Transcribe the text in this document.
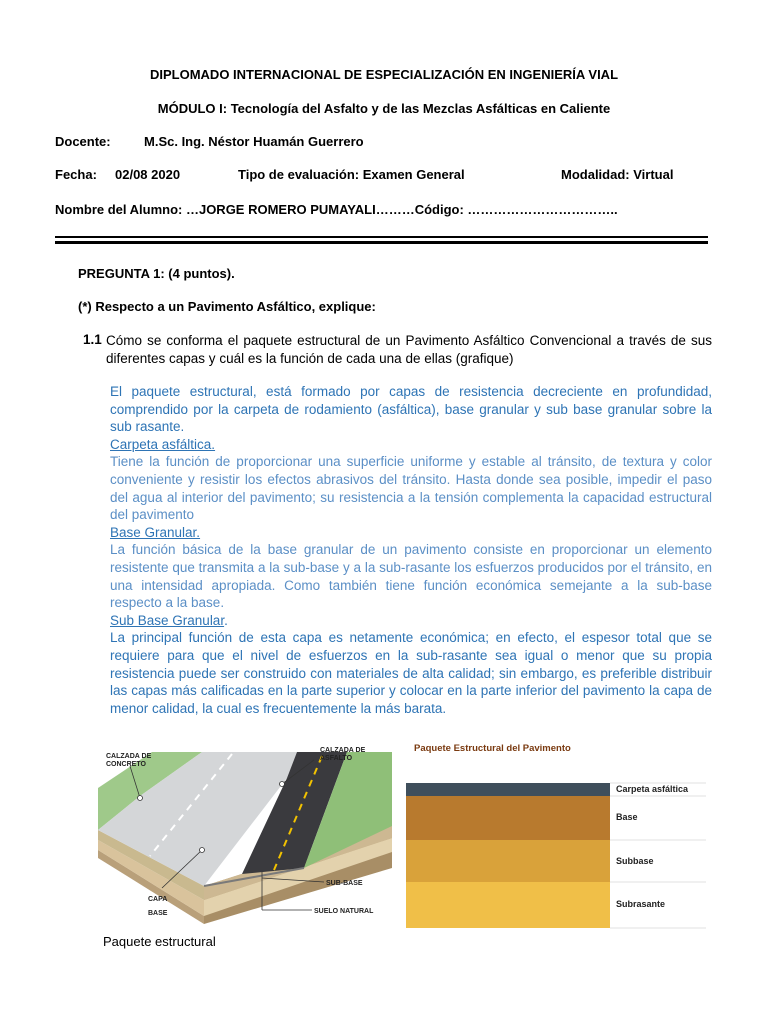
DIPLOMADO INTERNACIONAL DE ESPECIALIZACIÓN EN INGENIERÍA VIAL
MÓDULO I: Tecnología del Asfalto y de las Mezclas Asfálticas en Caliente
Docente:	M.Sc. Ing. Néstor Huamán Guerrero
Fecha: 02/08 2020	Tipo de evaluación: Examen General	Modalidad: Virtual
Nombre del Alumno: …JORGE ROMERO PUMAYALI………Código: ……………………………..
PREGUNTA 1: (4 puntos).
(*) Respecto a un Pavimento Asfáltico, explique:
1.1 Cómo se conforma el paquete estructural de un Pavimento Asfáltico Convencional a través de sus diferentes capas y cuál es la función de cada una de ellas (grafique)
El paquete estructural, está formado por capas de resistencia decreciente en profundidad, comprendido por la carpeta de rodamiento (asfáltica), base granular y sub base granular sobre la sub rasante.
Carpeta asfáltica.
Tiene la función de proporcionar una superficie uniforme y estable al tránsito, de textura y color conveniente y resistir los efectos abrasivos del tránsito. Hasta donde sea posible, impedir el paso del agua al interior del pavimento; su resistencia a la tensión complementa la capacidad estructural del pavimento
Base Granular.
La función básica de la base granular de un pavimento consiste en proporcionar un elemento resistente que transmita a la sub-base y a la sub-rasante los esfuerzos producidos por el tránsito, en una intensidad apropiada. Como también tiene función económica semejante a la sub-base respecto a la base.
Sub Base Granular.
La principal función de esta capa es netamente económica; en efecto, el espesor total que se requiere para que el nivel de esfuerzos en la sub-rasante sea igual o menor que su propia resistencia puede ser construido con materiales de alta calidad; sin embargo, es preferible distribuir las capas más calificadas en la parte superior y colocar en la parte inferior del pavimento la capa de menor calidad, la cual es frecuentemente la más barata.
CALZADA DE
CONCRETO
CALZADA DE
ASFALTO
SUB-BASE
CAPA
BASE	SUELO NATURAL
Paquete estructural
Paquete Estructural del Pavimento
Carpeta asfáltica
Base
Subbase
Subrasante
